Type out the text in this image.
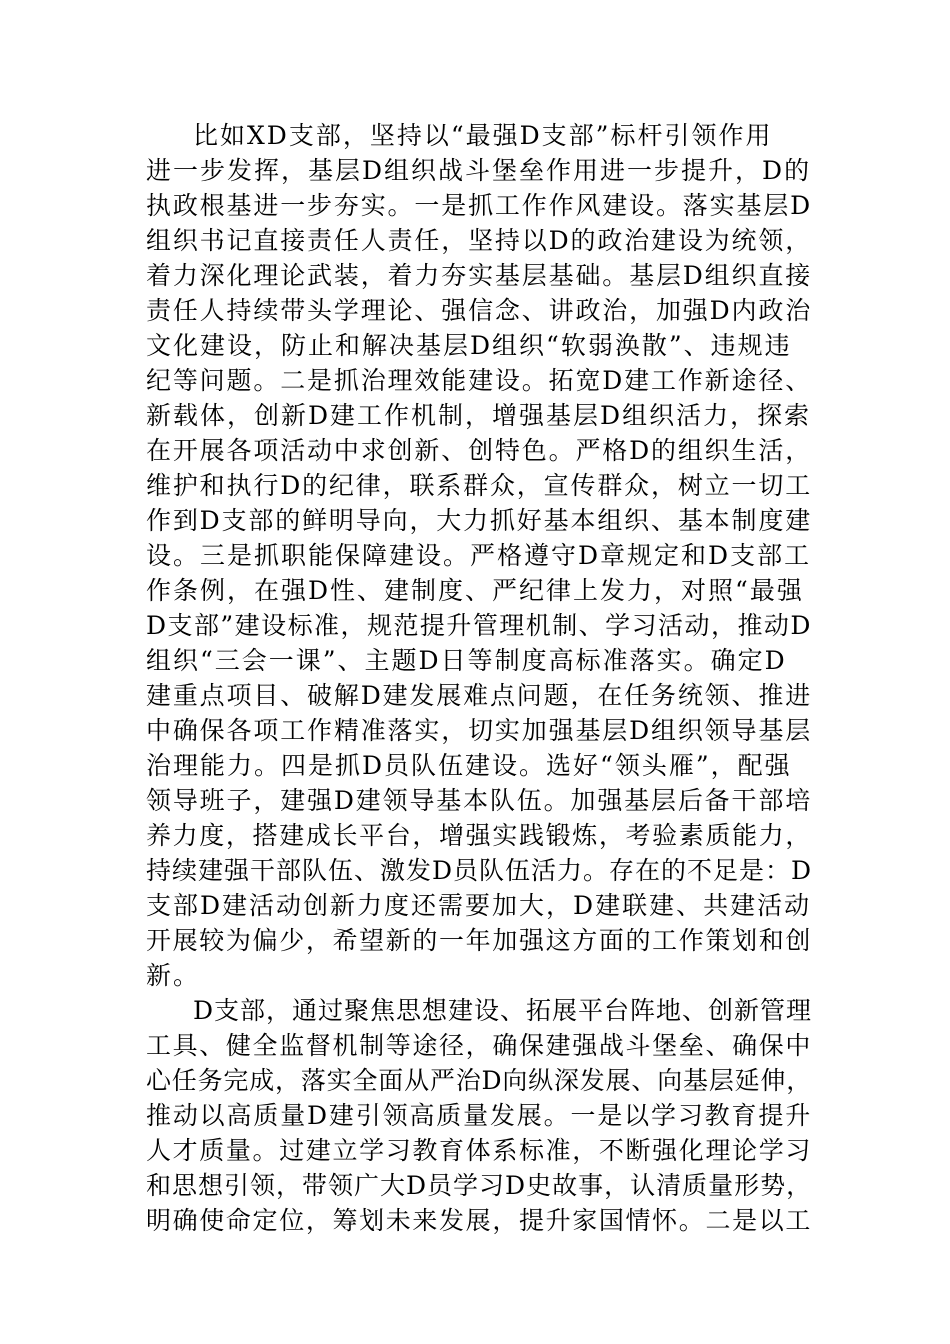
比如XD支部，坚持以“最强D支部”标杆引领作用
进一步发挥，基层D组织战斗堡垒作用进一步提升，D的
执政根基进一步夯实。一是抓工作作风建设。落实基层D
组织书记直接责任人责任，坚持以D的政治建设为统领，
着力深化理论武装，着力夯实基层基础。基层D组织直接
责任人持续带头学理论、强信念、讲政治，加强D内政治
文化建设，防止和解决基层D组织“软弱涣散”、违规违
纪等问题。二是抓治理效能建设。拓宽D建工作新途径、
新载体，创新D建工作机制，增强基层D组织活力，探索
在开展各项活动中求创新、创特色。严格D的组织生活，
维护和执行D的纪律，联系群众，宣传群众，树立一切工
作到D支部的鲜明导向，大力抓好基本组织、基本制度建
设。三是抓职能保障建设。严格遵守D章规定和D支部工
作条例，在强D性、建制度、严纪律上发力，对照“最强
D支部”建设标准，规范提升管理机制、学习活动，推动D
组织“三会一课”、主题D日等制度高标准落实。确定D
建重点项目、破解D建发展难点问题，在任务统领、推进
中确保各项工作精准落实，切实加强基层D组织领导基层
治理能力。四是抓D员队伍建设。选好“领头雁”，配强
领导班子，建强D建领导基本队伍。加强基层后备干部培
养力度，搭建成长平台，增强实践锻炼，考验素质能力，
持续建强干部队伍、激发D员队伍活力。存在的不足是：D
支部D建活动创新力度还需要加大，D建联建、共建活动
开展较为偏少，希望新的一年加强这方面的工作策划和创
新。
D支部，通过聚焦思想建设、拓展平台阵地、创新管理
工具、健全监督机制等途径，确保建强战斗堡垒、确保中
心任务完成，落实全面从严治D向纵深发展、向基层延伸，
推动以高质量D建引领高质量发展。一是以学习教育提升
人才质量。过建立学习教育体系标准，不断强化理论学习
和思想引领，带领广大D员学习D史故事，认清质量形势，
明确使命定位，筹划未来发展，提升家国情怀。二是以工
